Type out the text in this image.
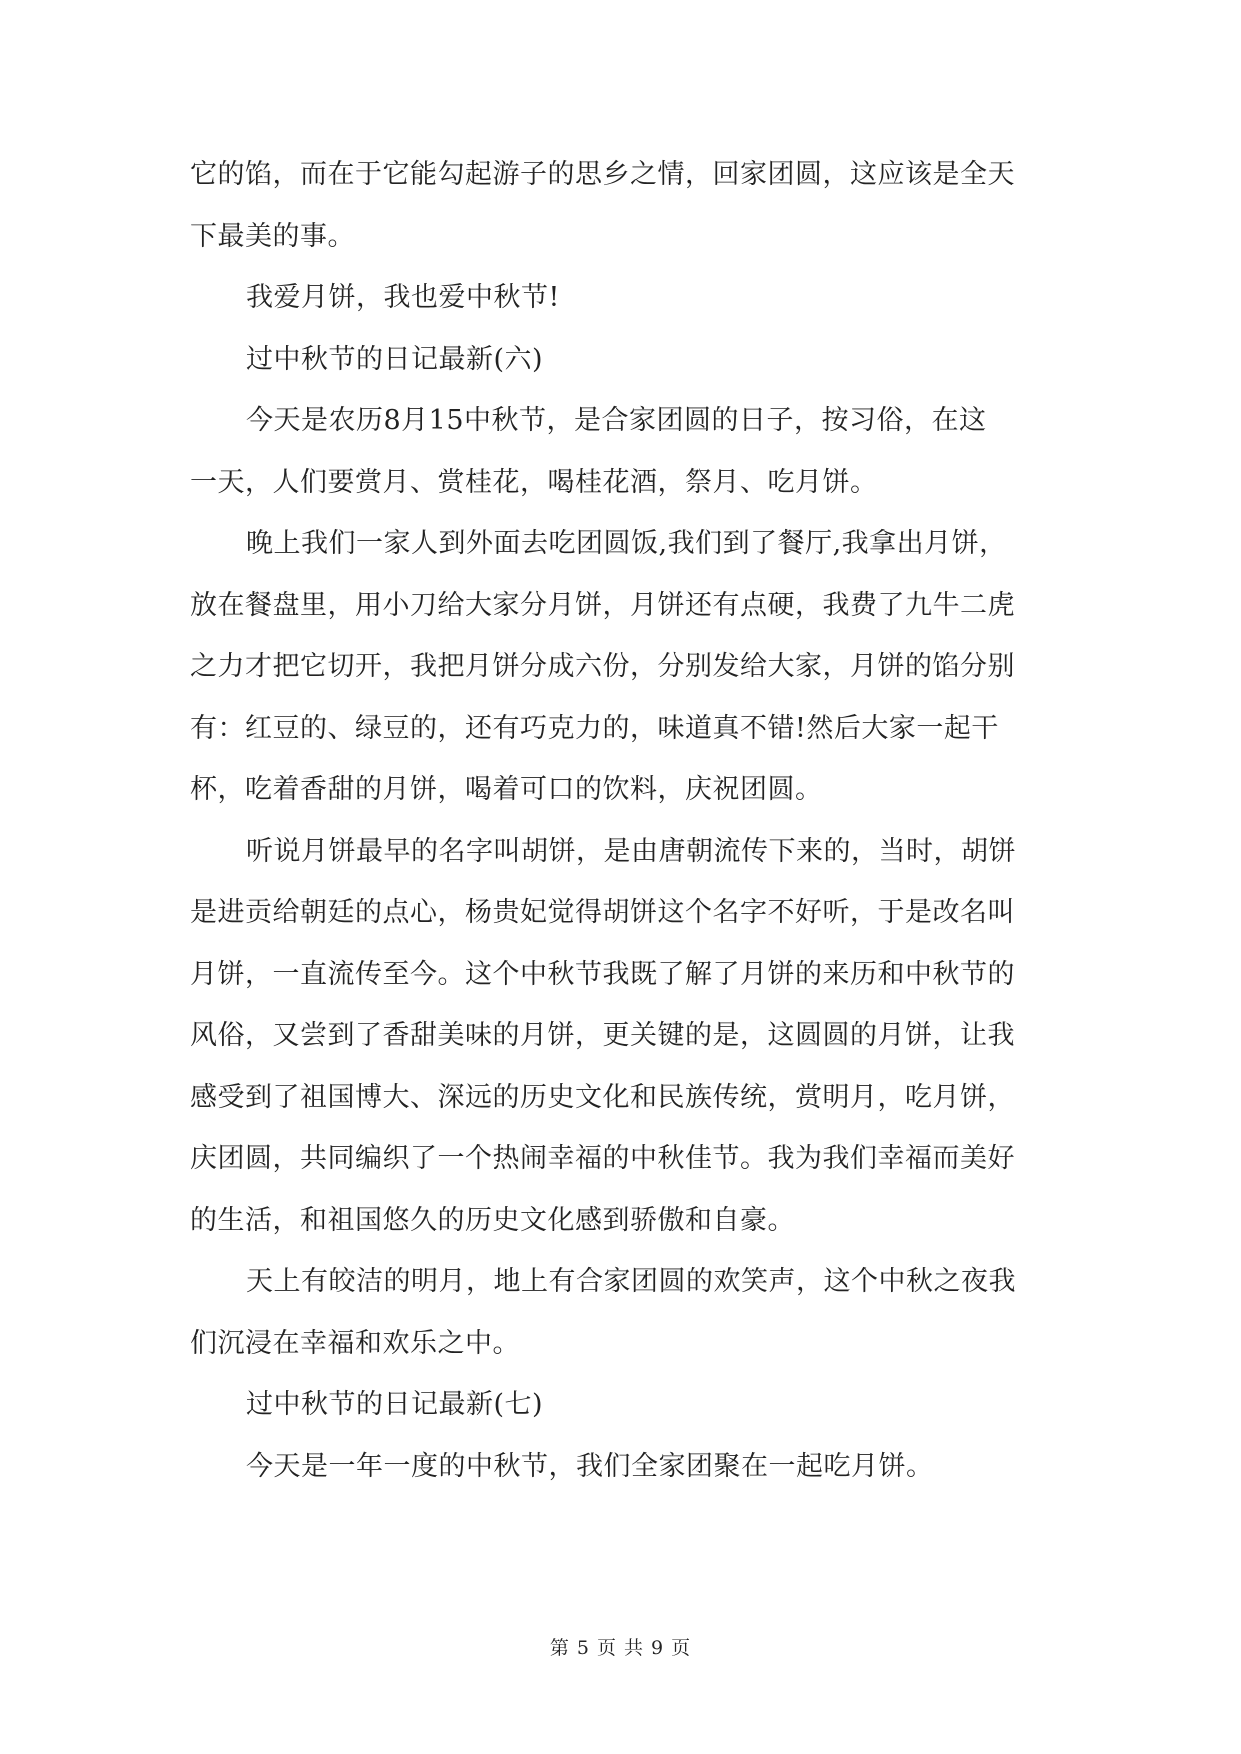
它的馅，而在于它能勾起游子的思乡之情，回家团圆，这应该是全天
下最美的事。
我爱月饼，我也爱中秋节!
过中秋节的日记最新(六)
今天是农历8月15中秋节，是合家团圆的日子，按习俗，在这
一天，人们要赏月、赏桂花，喝桂花酒，祭月、吃月饼。
晚上我们一家人到外面去吃团圆饭,我们到了餐厅,我拿出月饼，
放在餐盘里，用小刀给大家分月饼，月饼还有点硬，我费了九牛二虎
之力才把它切开，我把月饼分成六份，分别发给大家，月饼的馅分别
有：红豆的、绿豆的，还有巧克力的，味道真不错!然后大家一起干
杯，吃着香甜的月饼，喝着可口的饮料，庆祝团圆。
听说月饼最早的名字叫胡饼，是由唐朝流传下来的，当时，胡饼
是进贡给朝廷的点心，杨贵妃觉得胡饼这个名字不好听，于是改名叫
月饼，一直流传至今。这个中秋节我既了解了月饼的来历和中秋节的
风俗，又尝到了香甜美味的月饼，更关键的是，这圆圆的月饼，让我
感受到了祖国博大、深远的历史文化和民族传统，赏明月，吃月饼，
庆团圆，共同编织了一个热闹幸福的中秋佳节。我为我们幸福而美好
的生活，和祖国悠久的历史文化感到骄傲和自豪。
天上有皎洁的明月，地上有合家团圆的欢笑声，这个中秋之夜我
们沉浸在幸福和欢乐之中。
过中秋节的日记最新(七)
今天是一年一度的中秋节，我们全家团聚在一起吃月饼。
第 5 页 共 9 页
